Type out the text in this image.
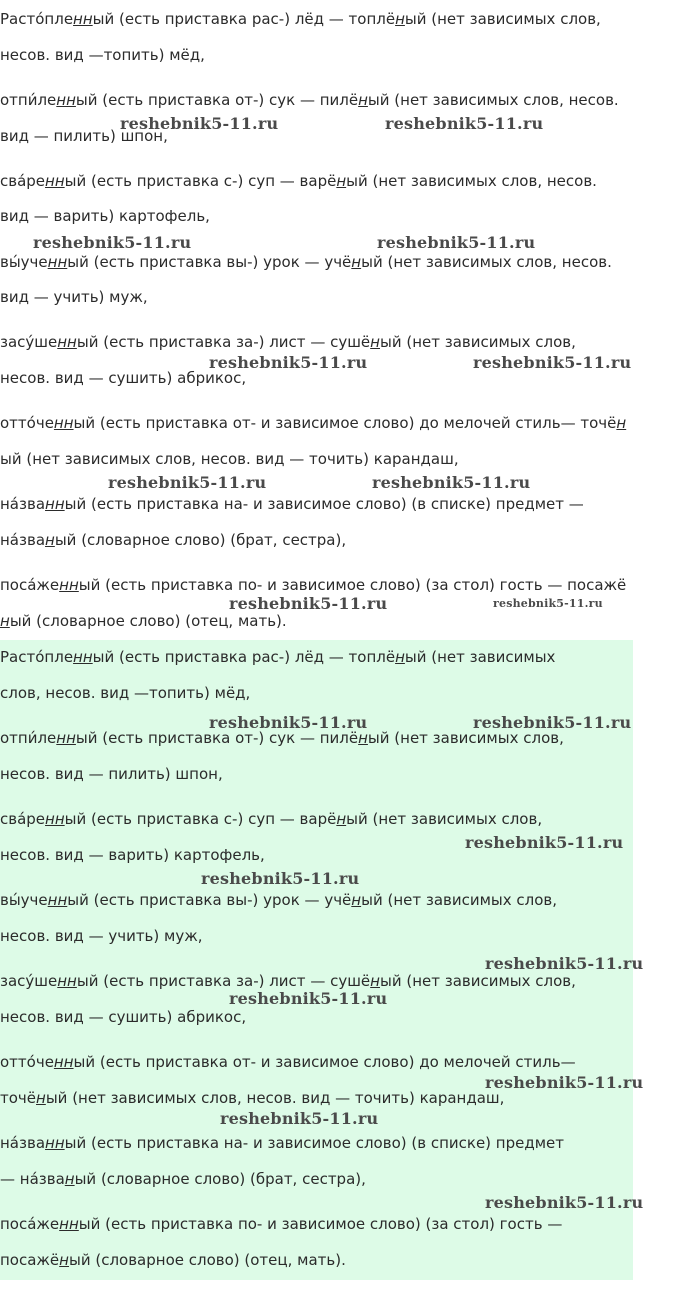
Расто́пленный (есть приставка рас-) лёд — топлёный (нет зависимых слов,
несов. вид —топить) мёд,
отпи́ленный (есть приставка от-) сук — пилёный (нет зависимых слов, несов.
вид — пилить) шпон,
сва́ренный (есть приставка с-) суп — варёный (нет зависимых слов, несов.
вид — варить) картофель,
вы́ученный (есть приставка вы-) урок — учёный (нет зависимых слов, несов.
вид — учить) муж,
засу́шенный (есть приставка за-) лист — сушёный (нет зависимых слов,
несов. вид — сушить) абрикос,
отто́ченный (есть приставка от- и зависимое слово) до мелочей стиль— точён
ый (нет зависимых слов, несов. вид — точить) карандаш,
на́званный (есть приставка на- и зависимое слово) (в списке) предмет —
на́званый (словарное слово) (брат, сестра),
поса́женный (есть приставка по- и зависимое слово) (за стол) гость — посажё
ный (словарное слово) (отец, мать).
Расто́пленный (есть приставка рас-) лёд — топлёный (нет зависимых
слов, несов. вид —топить) мёд,
отпи́ленный (есть приставка от-) сук — пилёный (нет зависимых слов,
несов. вид — пилить) шпон,
сва́ренный (есть приставка с-) суп — варёный (нет зависимых слов,
несов. вид — варить) картофель,
вы́ученный (есть приставка вы-) урок — учёный (нет зависимых слов,
несов. вид — учить) муж,
засу́шенный (есть приставка за-) лист — сушёный (нет зависимых слов,
несов. вид — сушить) абрикос,
отто́ченный (есть приставка от- и зависимое слово) до мелочей стиль—
точёный (нет зависимых слов, несов. вид — точить) карандаш,
на́званный (есть приставка на- и зависимое слово) (в списке) предмет
— на́званый (словарное слово) (брат, сестра),
поса́женный (есть приставка по- и зависимое слово) (за стол) гость —
посажёный (словарное слово) (отец, мать).
reshebnik5-11.ru	reshebnik5-11.ru
reshebnik5-11.ru	reshebnik5-11.ru
reshebnik5-11.ru	reshebnik5-11.ru
reshebnik5-11.ru	reshebnik5-11.ru
reshebnik5-11.ru	reshebnik5-11.ru
reshebnik5-11.ru	reshebnik5-11.ru
reshebnik5-11.ru
reshebnik5-11.ru
reshebnik5-11.ru
reshebnik5-11.ru
reshebnik5-11.ru
reshebnik5-11.ru
reshebnik5-11.ru
